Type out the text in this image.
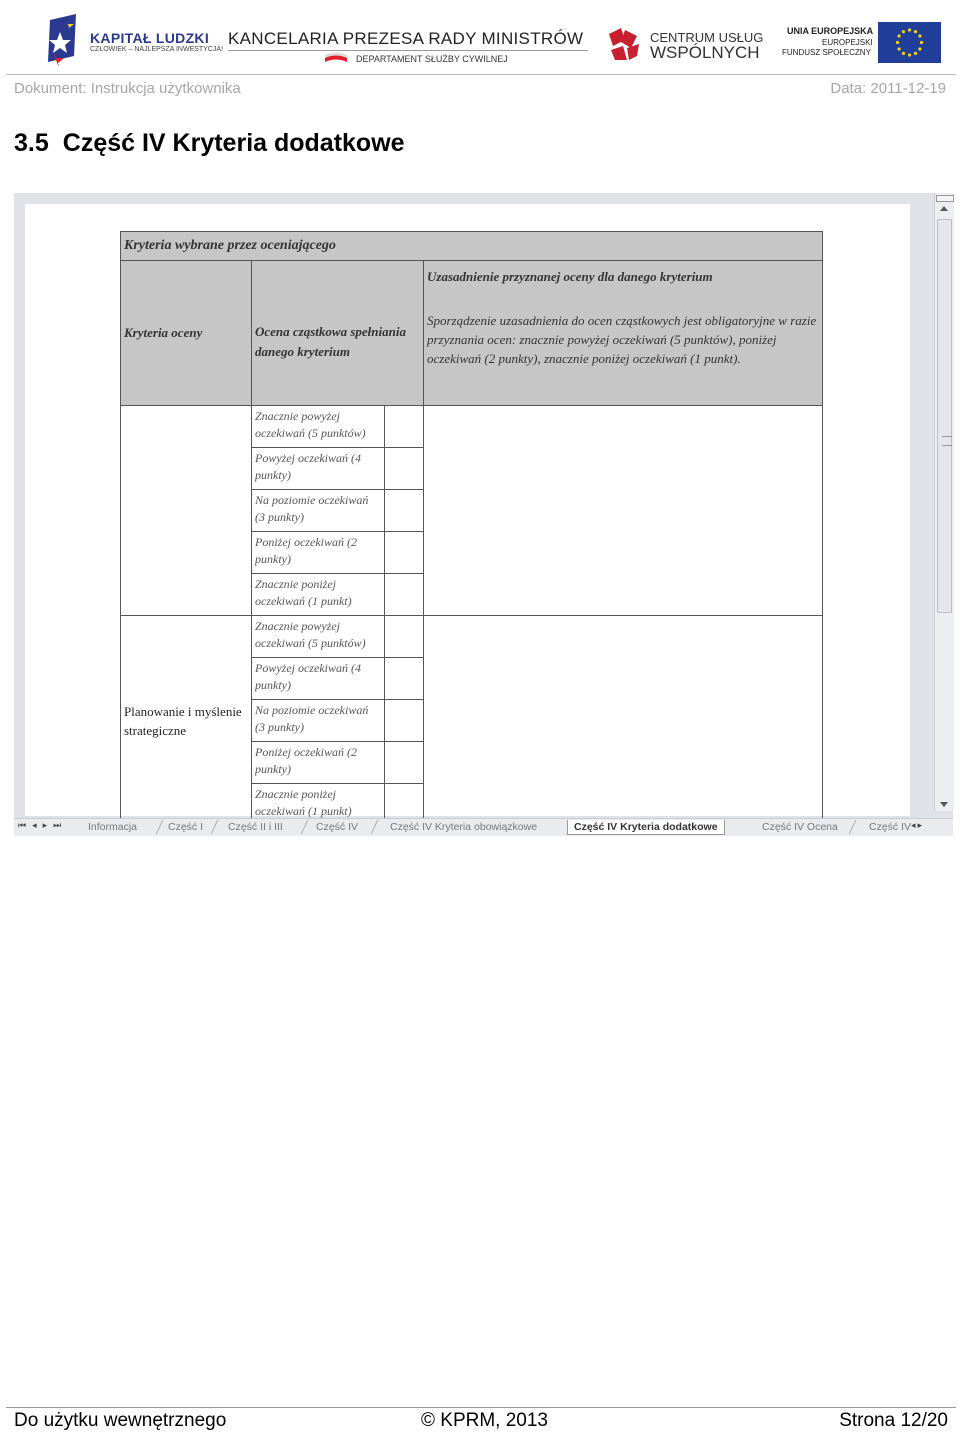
KAPITAŁ LUDZKI
CZŁOWIEK – NAJLEPSZA INWESTYCJA!
KANCELARIA PREZESA RADY MINISTRÓW
DEPARTAMENT SŁUŻBY CYWILNEJ
CENTRUM USŁUG
WSPÓLNYCH
UNIA EUROPEJSKA
EUROPEJSKI
FUNDUSZ SPOŁECZNY
Dokument: Instrukcja użytkownika	Data: 2011-12-19
3.5 Część IV Kryteria dodatkowe
Kryteria wybrane przez oceniającego			
Kryteria oceny	Ocena cząstkowa spełniania danego kryterium		Uzasadnienie przyznanej oceny dla danego kryterium
Sporządzenie uzasadnienia do ocen cząstkowych jest obligatoryjne w razie przyznania ocen: znacznie powyżej oczekiwań (5 punktów), poniżej oczekiwań (2 punkty), znacznie poniżej oczekiwań (1 punkt).

	Znacznie powyżej oczekiwań (5 punktów)		
	Powyżej oczekiwań (4 punkty)		
	Na poziomie oczekiwań (3 punkty)		
	Poniżej oczekiwań (2 punkty)		
	Znacznie poniżej oczekiwań (1 punkt)		
Planowanie i myślenie strategiczne	Znacznie powyżej oczekiwań (5 punktów)		
	Powyżej oczekiwań (4 punkty)		
	Na poziomie oczekiwań (3 punkty)		
	Poniżej oczekiwań (2 punkty)		
	Znacznie poniżej oczekiwań (1 punkt)		
⏮◂▸⏭	Informacja	Część I	Część II i III	Część IV	Część IV Kryteria obowiązkowe	Część IV Kryteria dodatkowe	Część IV Ocena	Część IV ◂▸
Do użytku wewnętrznego	© KPRM, 2013	Strona 12/20
